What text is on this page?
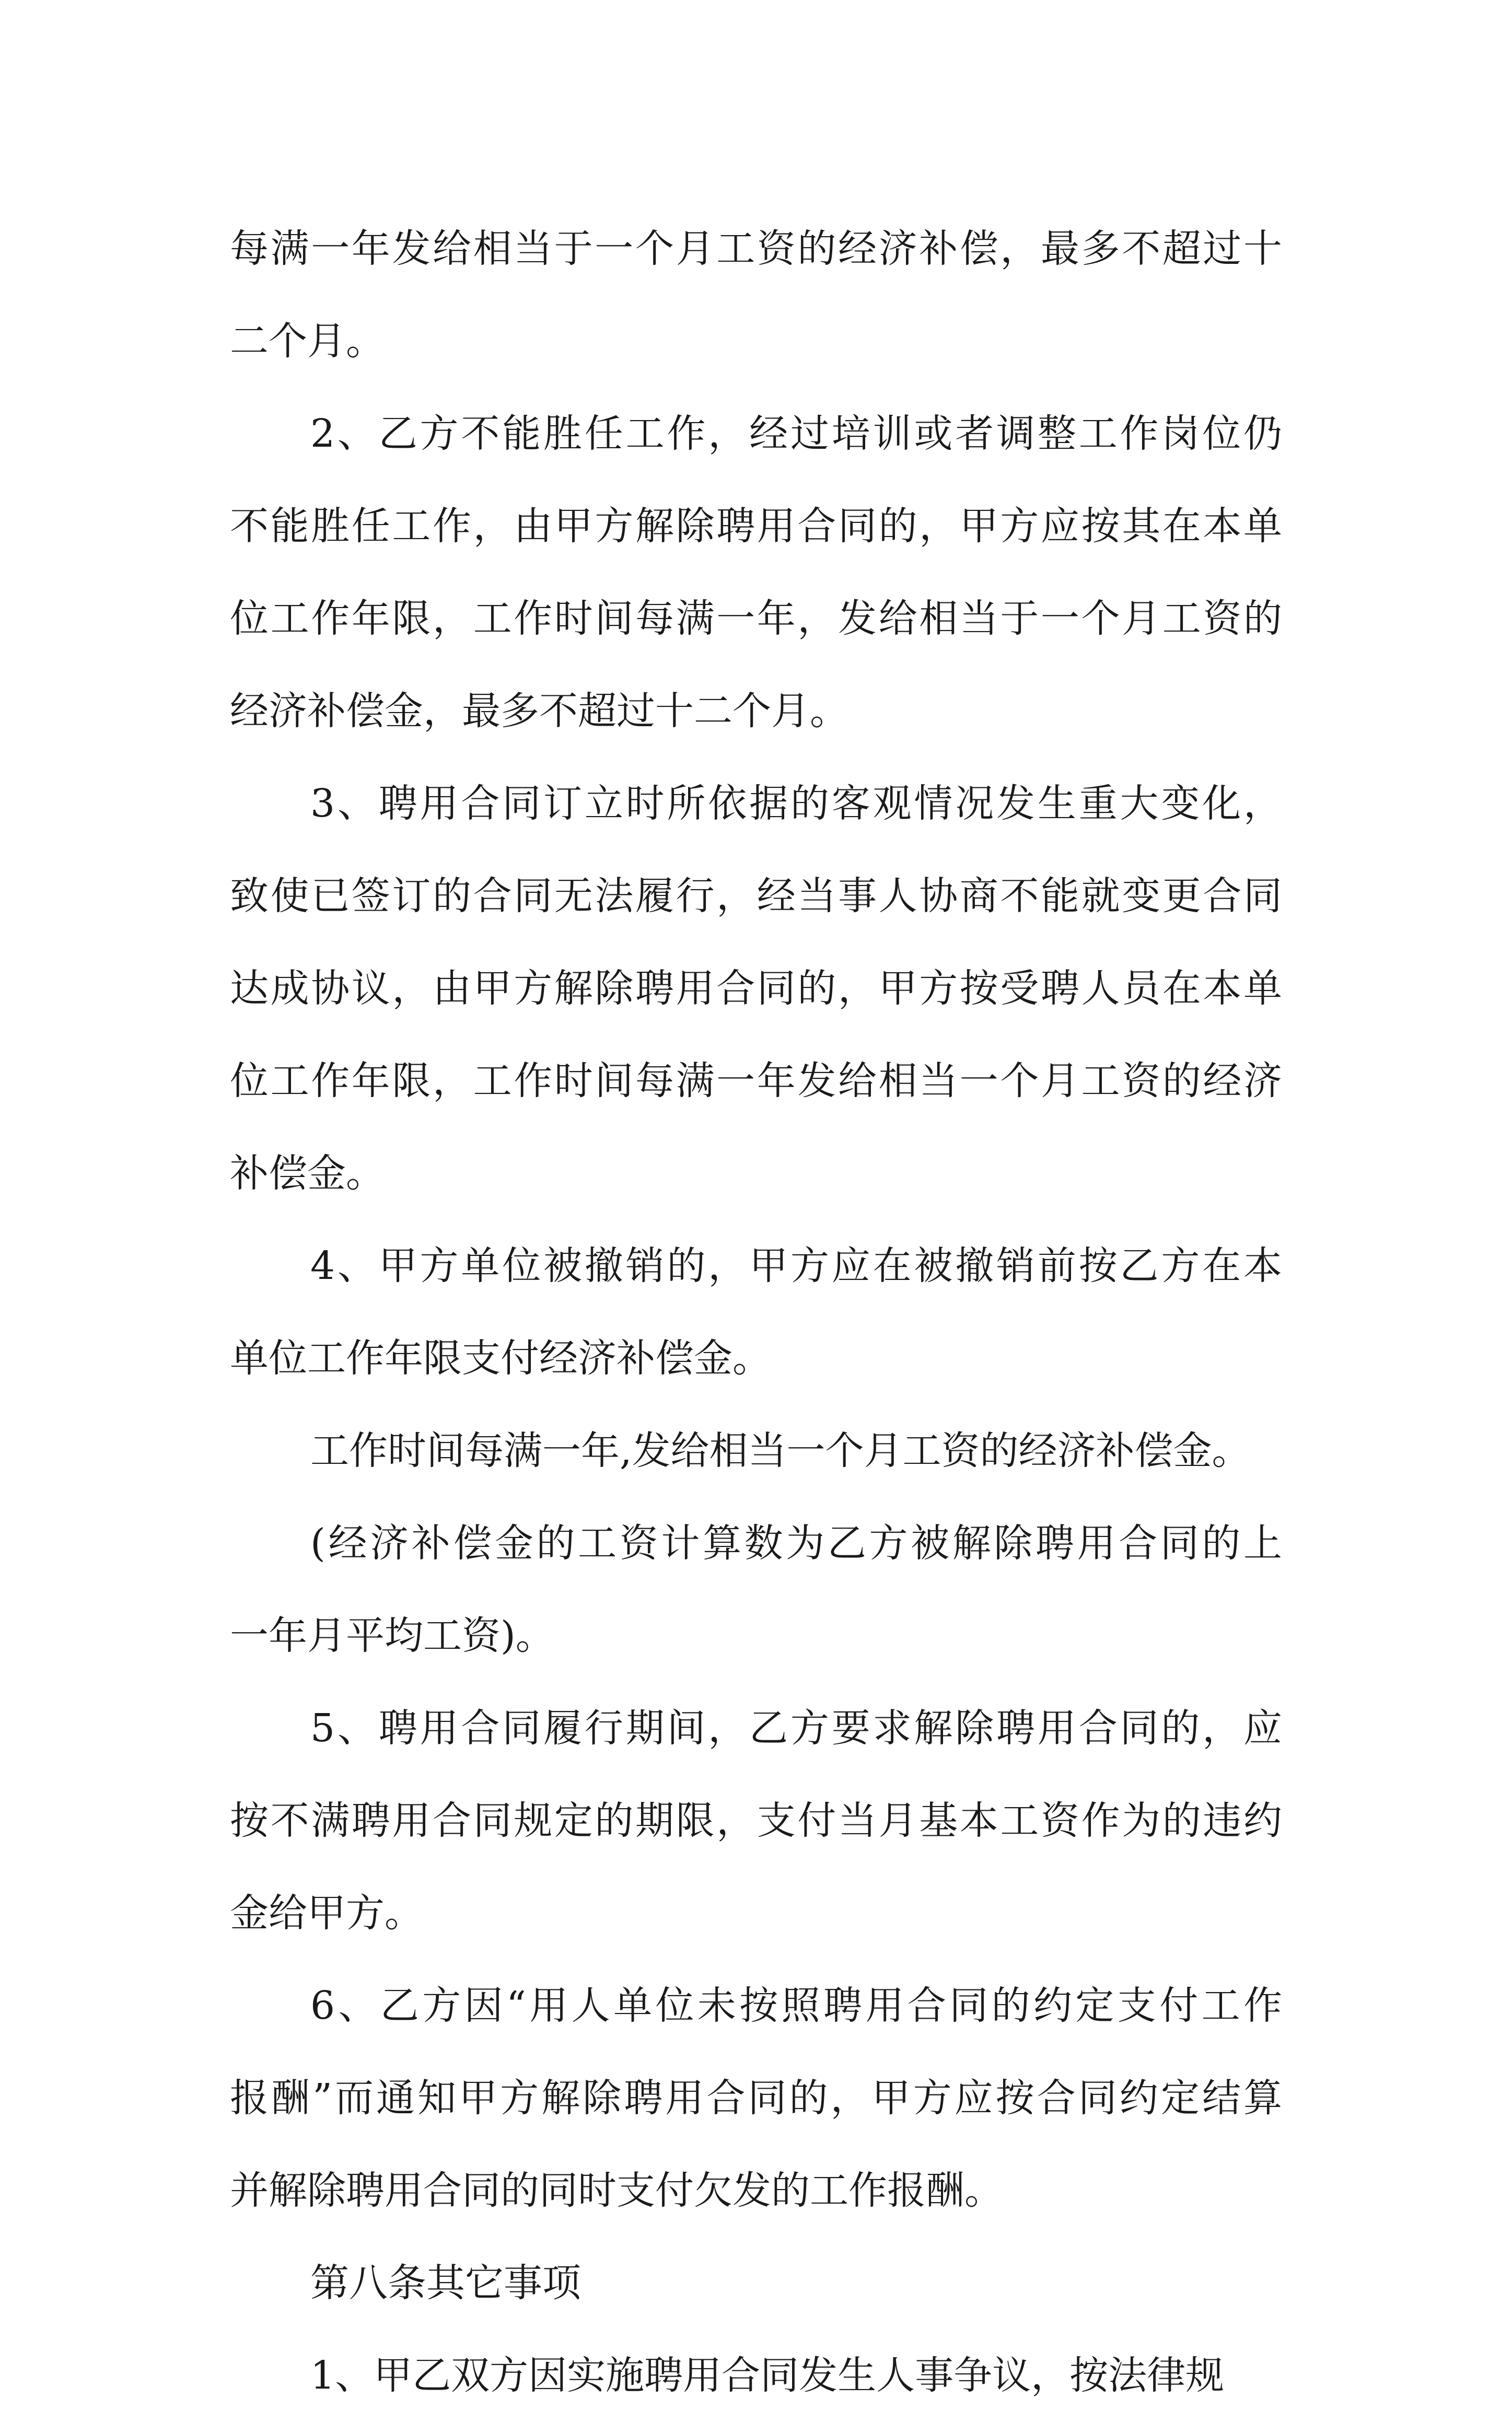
每满一年发给相当于一个月工资的经济补偿，最多不超过十
二个月。
2、乙方不能胜任工作，经过培训或者调整工作岗位仍
不能胜任工作，由甲方解除聘用合同的，甲方应按其在本单
位工作年限，工作时间每满一年，发给相当于一个月工资的
经济补偿金，最多不超过十二个月。
3、聘用合同订立时所依据的客观情况发生重大变化，
致使已签订的合同无法履行，经当事人协商不能就变更合同
达成协议，由甲方解除聘用合同的，甲方按受聘人员在本单
位工作年限，工作时间每满一年发给相当一个月工资的经济
补偿金。
4、甲方单位被撤销的，甲方应在被撤销前按乙方在本
单位工作年限支付经济补偿金。
工作时间每满一年,发给相当一个月工资的经济补偿金。
(经济补偿金的工资计算数为乙方被解除聘用合同的上
一年月平均工资)。
5、聘用合同履行期间，乙方要求解除聘用合同的，应
按不满聘用合同规定的期限，支付当月基本工资作为的违约
金给甲方。
6、乙方因“用人单位未按照聘用合同的约定支付工作
报酬”而通知甲方解除聘用合同的，甲方应按合同约定结算
并解除聘用合同的同时支付欠发的工作报酬。
第八条其它事项
1、甲乙双方因实施聘用合同发生人事争议，按法律规
